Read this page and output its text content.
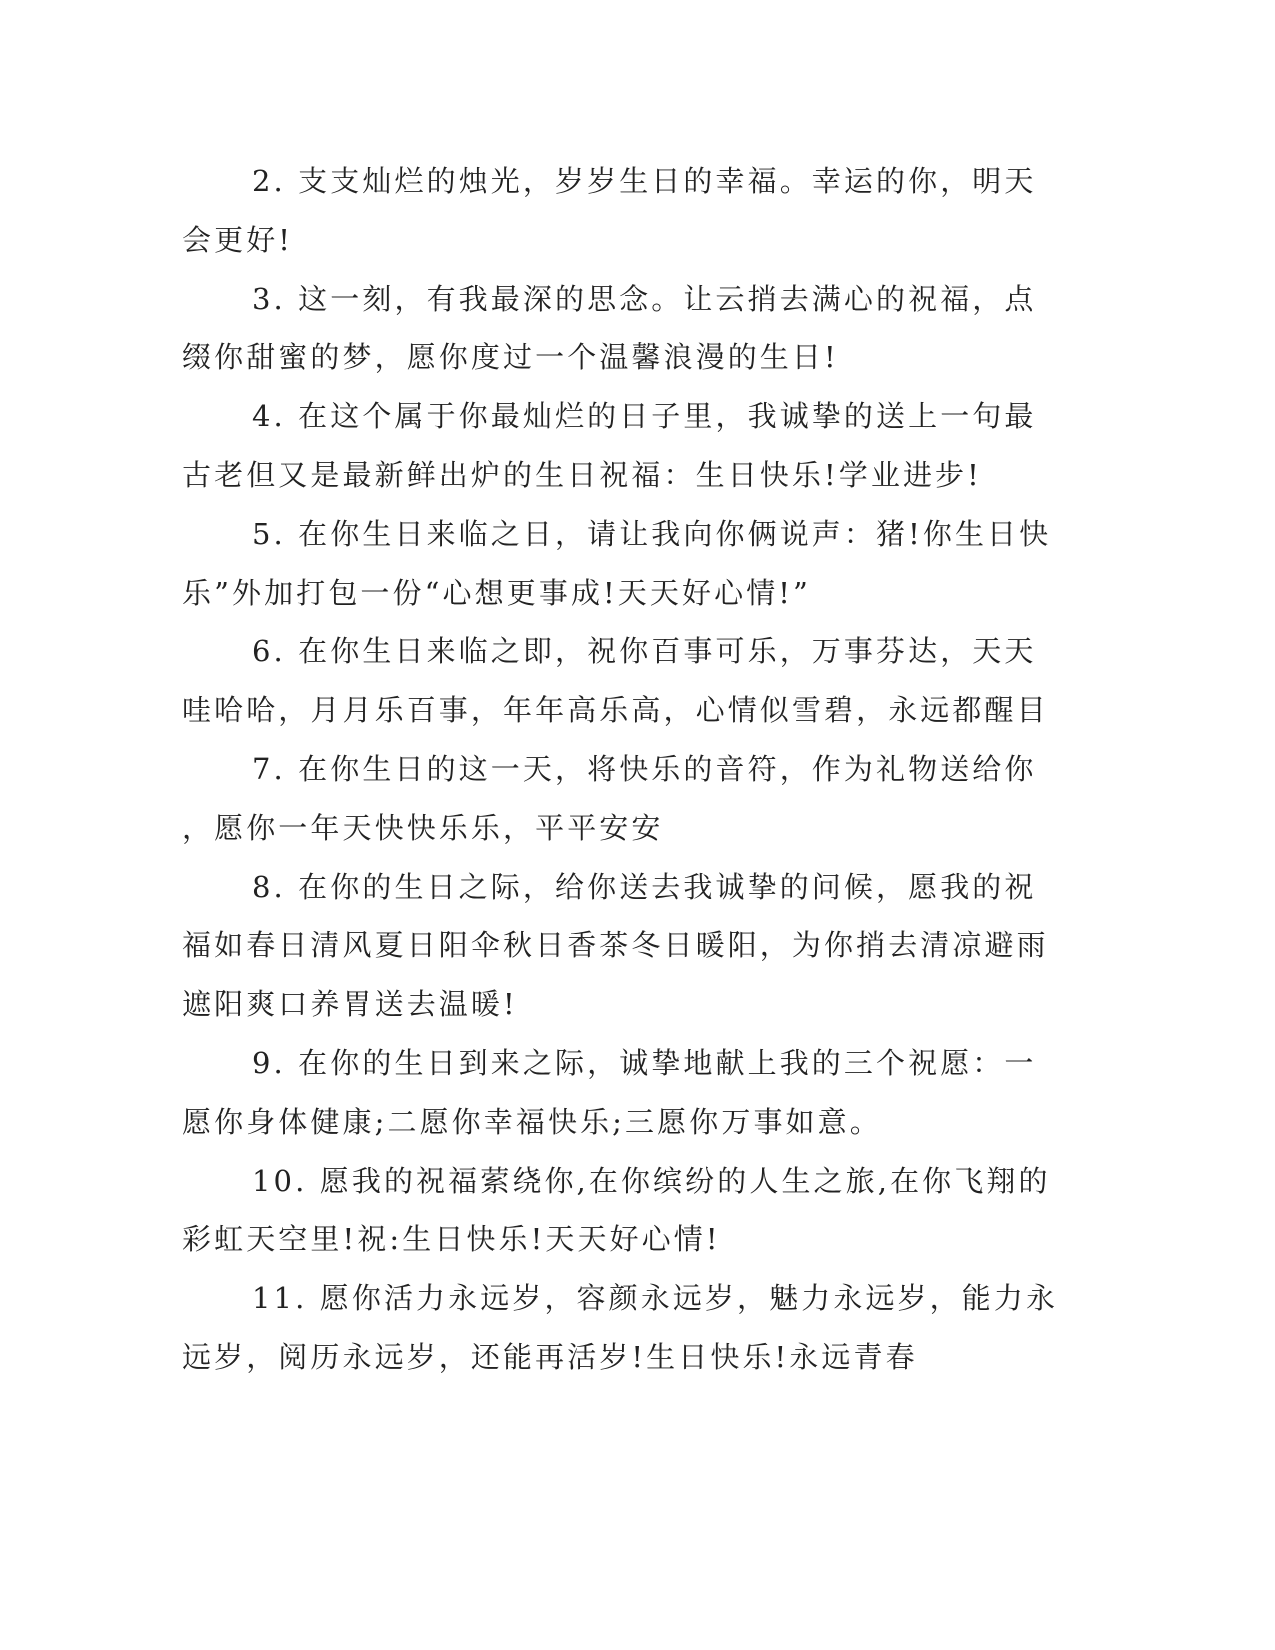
2. 支支灿烂的烛光，岁岁生日的幸福。幸运的你，明天
会更好!
3. 这一刻，有我最深的思念。让云捎去满心的祝福，点
缀你甜蜜的梦，愿你度过一个温馨浪漫的生日!
4. 在这个属于你最灿烂的日子里，我诚挚的送上一句最
古老但又是最新鲜出炉的生日祝福：生日快乐!学业进步!
5. 在你生日来临之日，请让我向你俩说声：猪!你生日快
乐”外加打包一份“心想更事成!天天好心情!”
6. 在你生日来临之即，祝你百事可乐，万事芬达，天天
哇哈哈，月月乐百事，年年高乐高，心情似雪碧，永远都醒目
7. 在你生日的这一天，将快乐的音符，作为礼物送给你
，愿你一年天快快乐乐，平平安安
8. 在你的生日之际，给你送去我诚挚的问候，愿我的祝
福如春日清风夏日阳伞秋日香茶冬日暖阳，为你捎去清凉避雨
遮阳爽口养胃送去温暖!
9. 在你的生日到来之际，诚挚地献上我的三个祝愿：一
愿你身体健康;二愿你幸福快乐;三愿你万事如意。
10. 愿我的祝福萦绕你,在你缤纷的人生之旅,在你飞翔的
彩虹天空里!祝:生日快乐!天天好心情!
11. 愿你活力永远岁，容颜永远岁，魅力永远岁，能力永
远岁，阅历永远岁，还能再活岁!生日快乐!永远青春
